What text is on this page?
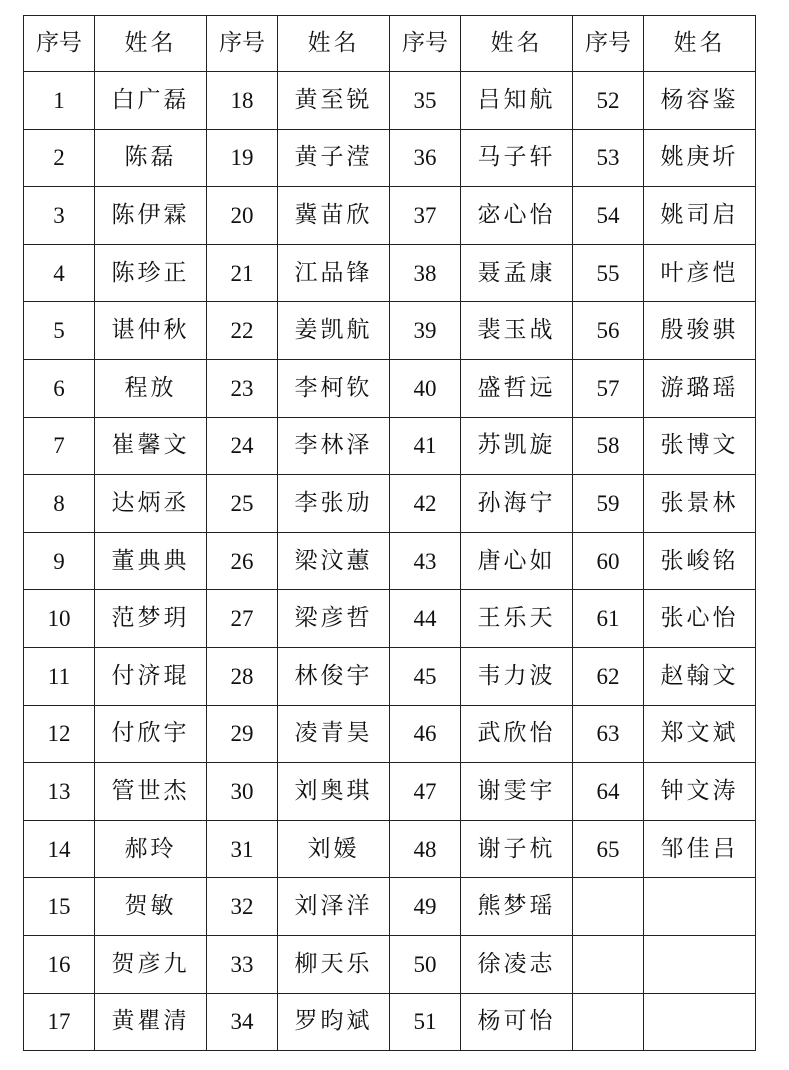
序号	姓名	序号	姓名	序号	姓名	序号	姓名
1	白广磊	18	黄至锐	35	吕知航	52	杨容鉴
2	陈磊	19	黄子滢	36	马子轩	53	姚庚圻
3	陈伊霖	20	冀苗欣	37	宓心怡	54	姚司启
4	陈珍正	21	江品锋	38	聂孟康	55	叶彦恺
5	谌仲秋	22	姜凯航	39	裴玉战	56	殷骏骐
6	程放	23	李柯钦	40	盛哲远	57	游璐瑶
7	崔馨文	24	李林泽	41	苏凯旋	58	张博文
8	达炳丞	25	李张劢	42	孙海宁	59	张景林
9	董典典	26	梁汶蕙	43	唐心如	60	张峻铭
10	范梦玥	27	梁彦哲	44	王乐天	61	张心怡
11	付济琨	28	林俊宇	45	韦力波	62	赵翰文
12	付欣宇	29	凌青昊	46	武欣怡	63	郑文斌
13	管世杰	30	刘奥琪	47	谢雯宇	64	钟文涛
14	郝玲	31	刘媛	48	谢子杭	65	邹佳吕
15	贺敏	32	刘泽洋	49	熊梦瑶		
16	贺彦九	33	柳天乐	50	徐凌志		
17	黄瞿清	34	罗昀斌	51	杨可怡		
